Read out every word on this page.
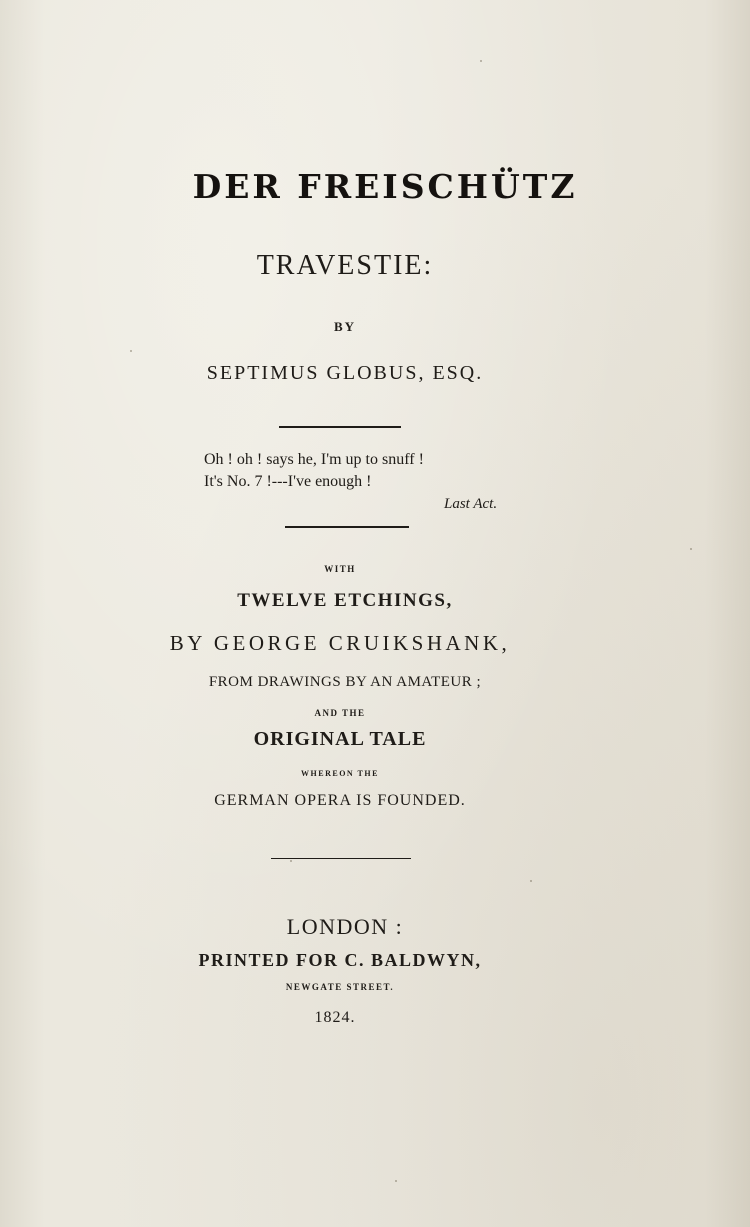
DER FREISCHÜTZ
TRAVESTIE:
BY
SEPTIMUS GLOBUS, ESQ.
Oh ! oh ! says he, I'm up to snuff !
It's No. 7 !---I've enough !
Last Act.
WITH
TWELVE ETCHINGS,
BY GEORGE CRUIKSHANK,
FROM DRAWINGS BY AN AMATEUR ;
AND THE
ORIGINAL TALE
WHEREON THE
GERMAN OPERA IS FOUNDED.
LONDON :
PRINTED FOR C. BALDWYN,
NEWGATE STREET.
1824.
